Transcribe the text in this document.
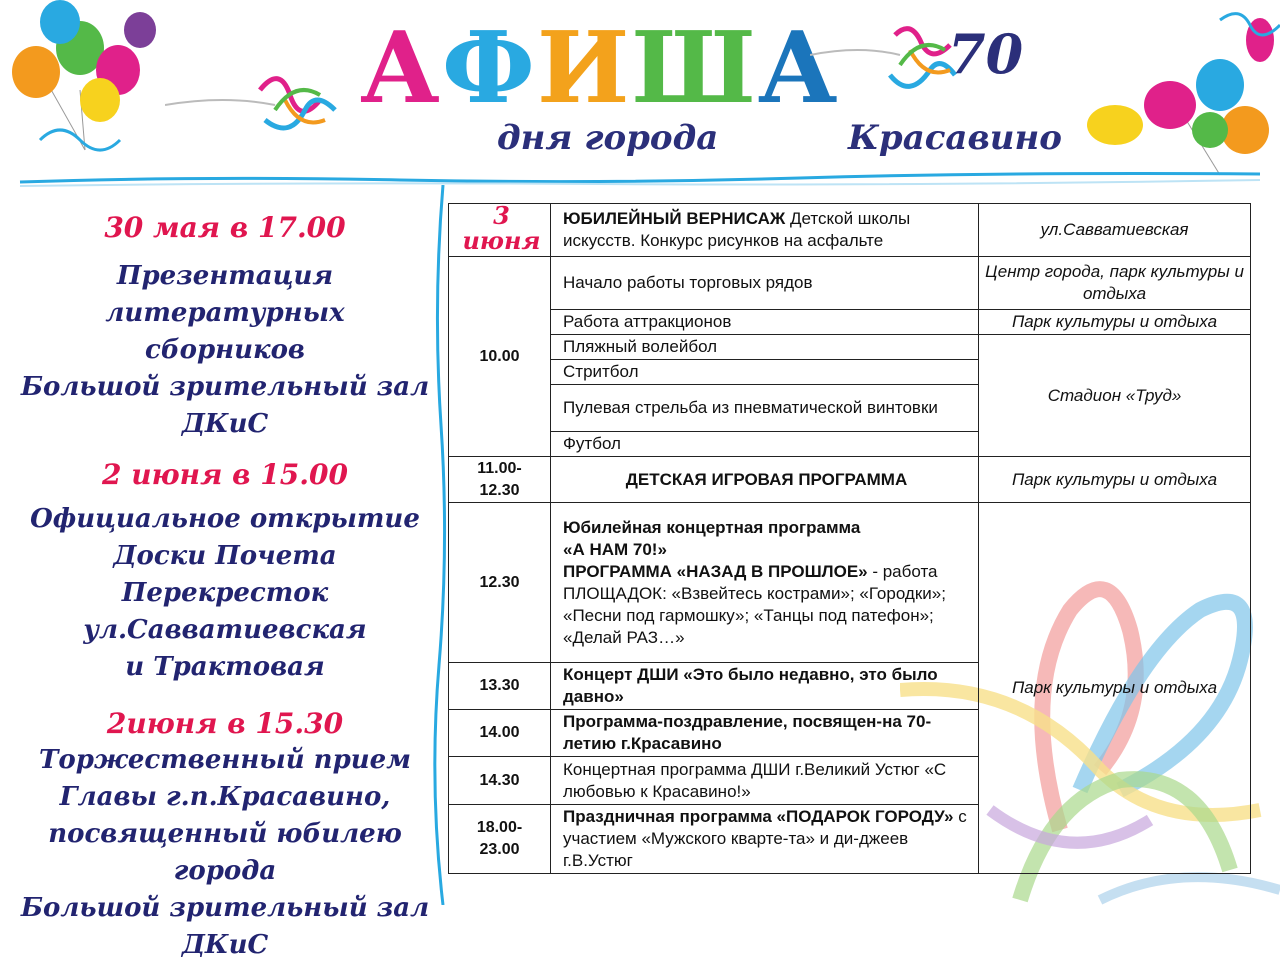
АФИША
дня города	Красавино
70
30 мая в 17.00
Презентация литературных
сборников
Большой зрительный зал ДКиС
2 июня в 15.00
Официальное открытие
Доски Почета
Перекресток ул.Савватиевская
и Трактовая
2июня в 15.30
Торжественный прием
Главы г.п.Красавино,
посвященный юбилею города
Большой зрительный зал ДКиС
3 июня	ЮБИЛЕЙНЫЙ ВЕРНИСАЖ Детской школы искусств. Конкурс рисунков на асфальте	ул.Савватиевская
10.00	Начало работы торговых рядов	Центр города, парк культуры и отдыха
	Работа аттракционов	Парк культуры и отдыха
	Пляжный волейбол	Стадион «Труд»
	Стритбол	
	Пулевая стрельба из пневматической винтовки	
	Футбол	
11.00-
12.30	ДЕТСКАЯ ИГРОВАЯ ПРОГРАММА	Парк культуры и отдыха
12.30	Юбилейная концертная программа
«А НАМ 70!»
ПРОГРАММА «НАЗАД В ПРОШЛОЕ» - работа ПЛОЩАДОК: «Взвейтесь кострами»; «Городки»; «Песни под гармошку»; «Танцы под патефон»; «Делай РАЗ…»	Парк культуры и отдыха
13.30	Концерт ДШИ «Это было недавно, это было давно»	
14.00	Программа-поздравление, посвящен-на 70-летию г.Красавино	
14.30	Концертная программа ДШИ г.Великий Устюг «С любовью к Красавино!»	
18.00-
23.00	Праздничная программа «ПОДАРОК ГОРОДУ» с участием «Мужского кварте-та» и ди-джеев г.В.Устюг	
